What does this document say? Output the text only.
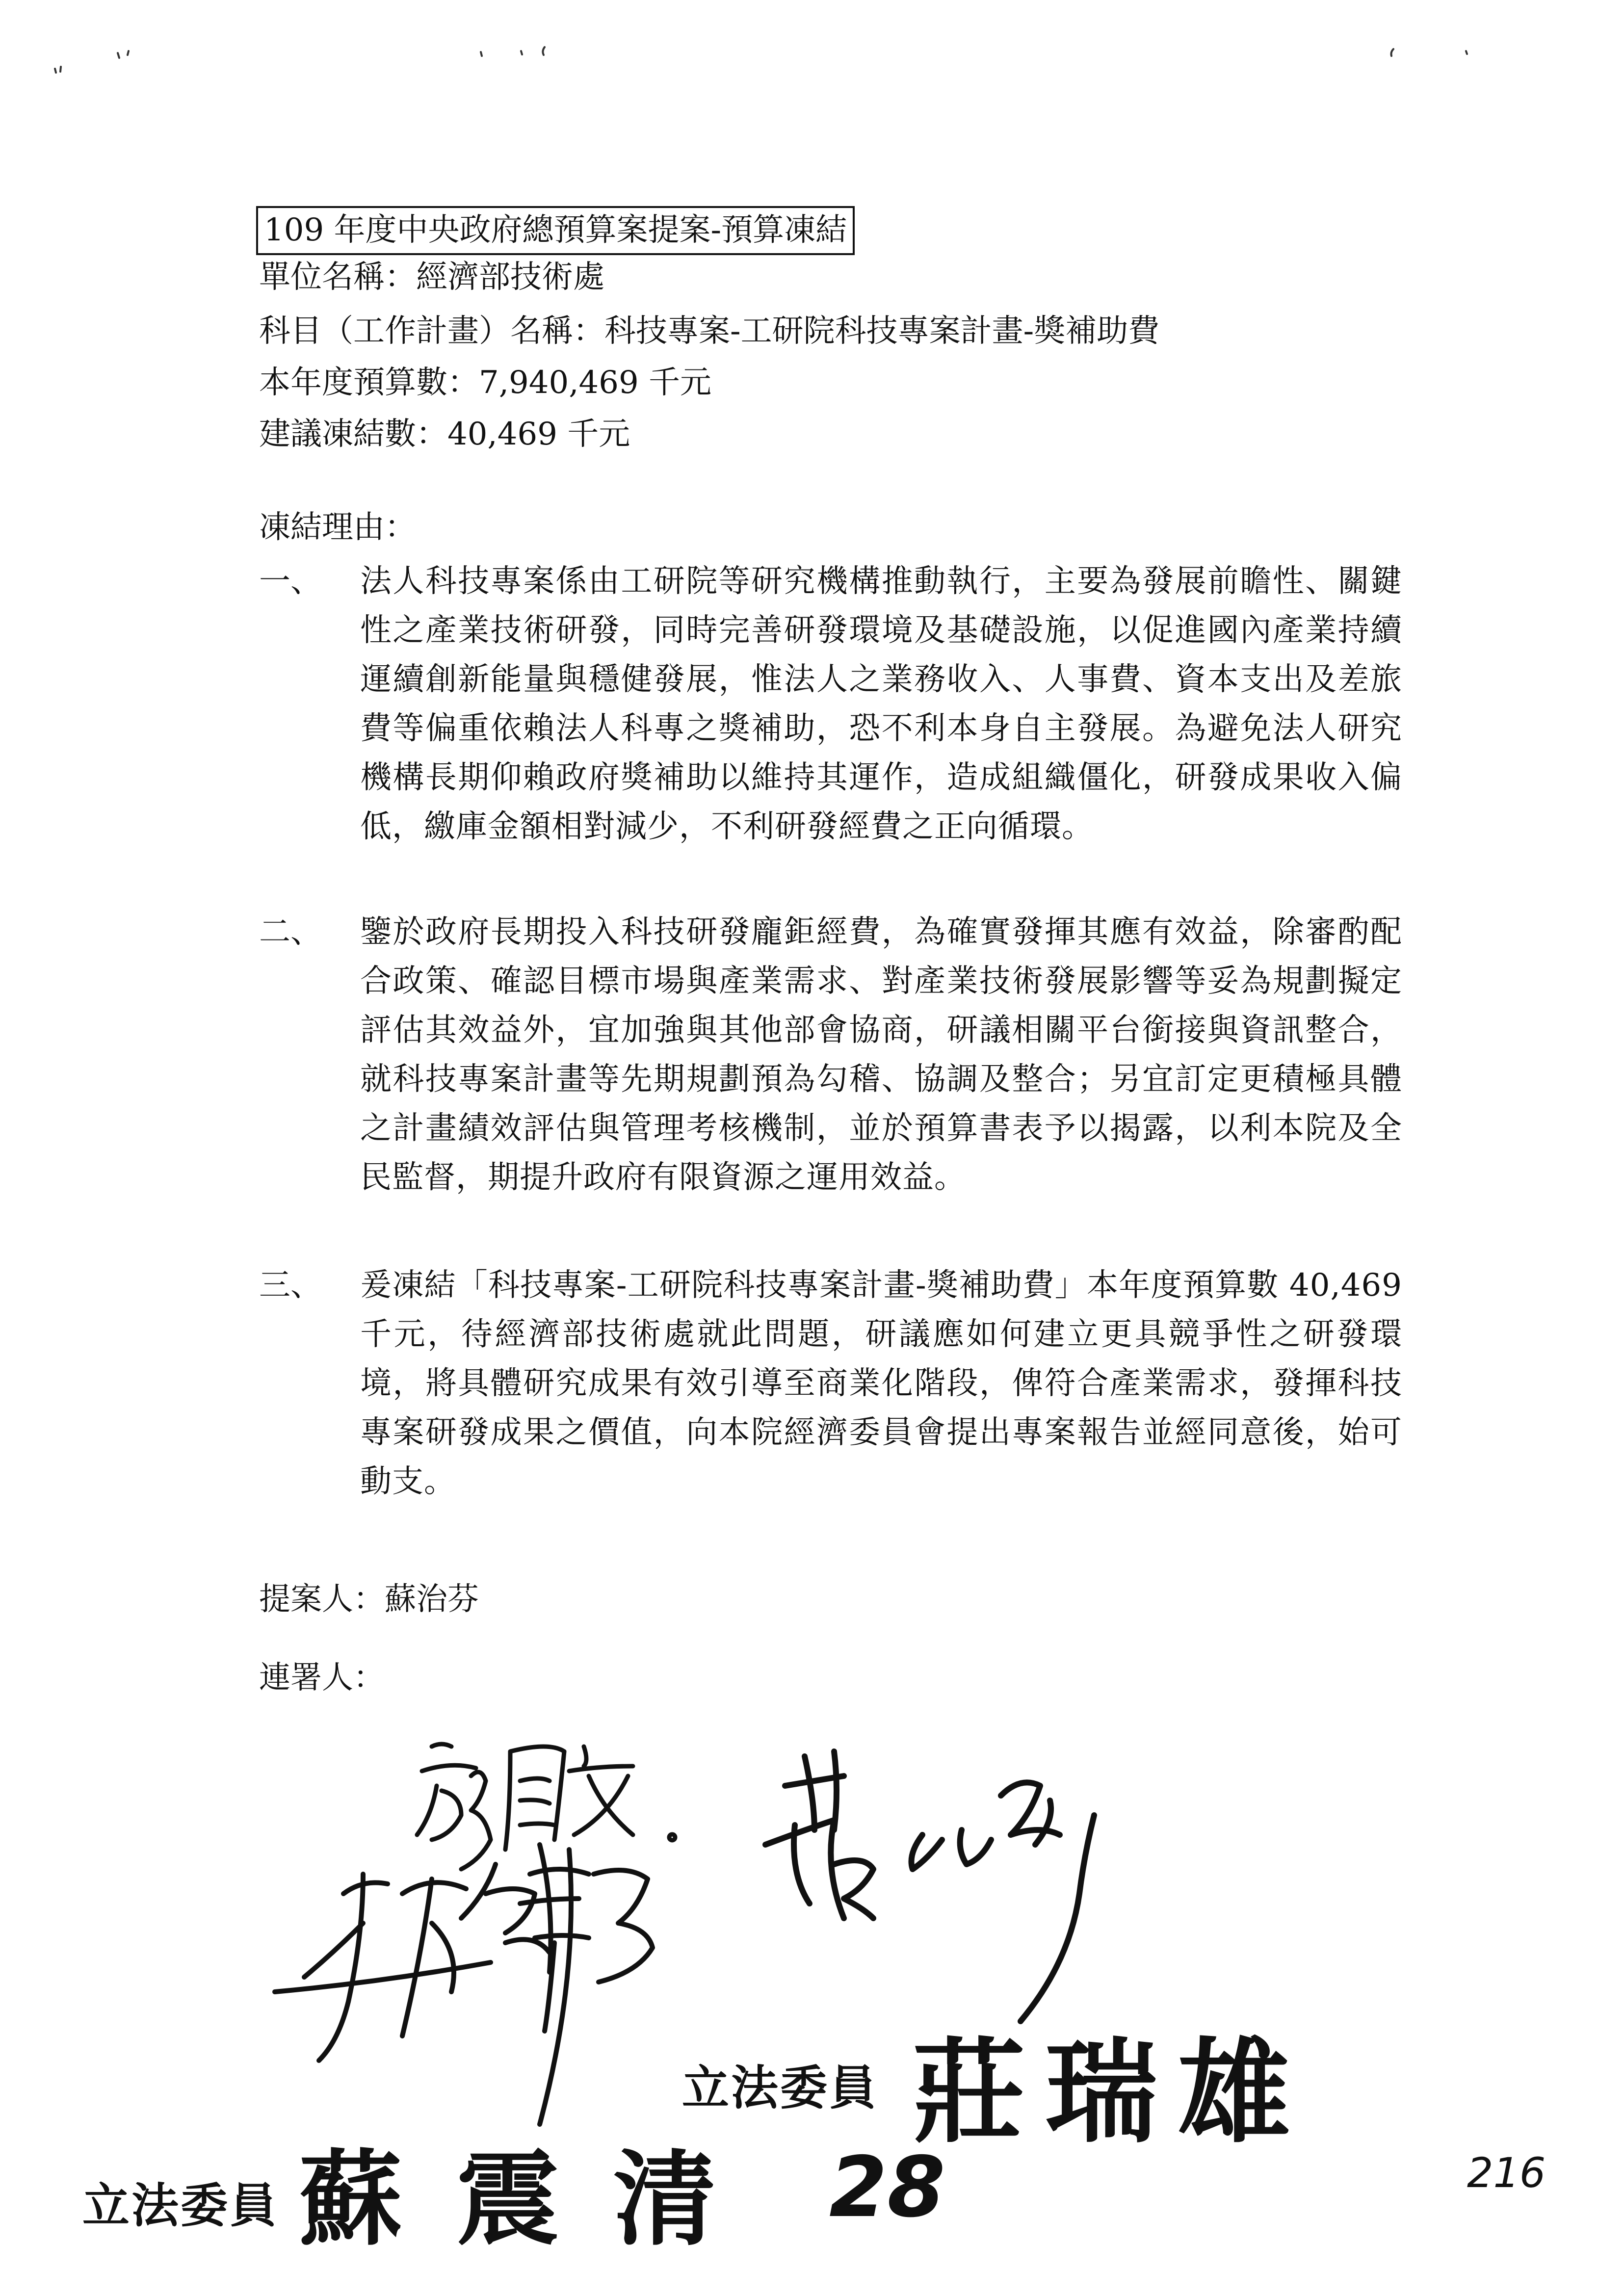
109 年度中央政府總預算案提案-預算凍結
單位名稱：經濟部技術處
科目（工作計畫）名稱：科技專案-工研院科技專案計畫-獎補助費
本年度預算數：7,940,469 千元
建議凍結數：40,469 千元
凍結理由：
一、	法人科技專案係由工研院等研究機構推動執行，主要為發展前瞻性、關鍵性之產業技術研發，同時完善研發環境及基礎設施，以促進國內產業持續運續創新能量與穩健發展，惟法人之業務收入、人事費、資本支出及差旅費等偏重依賴法人科專之獎補助，恐不利本身自主發展。為避免法人研究機構長期仰賴政府獎補助以維持其運作，造成組織僵化，研發成果收入偏低，繳庫金額相對減少，不利研發經費之正向循環。
二、	鑒於政府長期投入科技研發龐鉅經費，為確實發揮其應有效益，除審酌配合政策、確認目標市場與產業需求、對產業技術發展影響等妥為規劃擬定評估其效益外，宜加強與其他部會協商，研議相關平台銜接與資訊整合，就科技專案計畫等先期規劃預為勾稽、協調及整合；另宜訂定更積極具體之計畫績效評估與管理考核機制，並於預算書表予以揭露，以利本院及全民監督，期提升政府有限資源之運用效益。
三、	爰凍結「科技專案-工研院科技專案計畫-獎補助費」本年度預算數 40,469 千元，待經濟部技術處就此問題，研議應如何建立更具競爭性之研發環境，將具體研究成果有效引導至商業化階段，俾符合產業需求，發揮科技專案研發成果之價值，向本院經濟委員會提出專案報告並經同意後，始可動支。
提案人：蘇治芬
連署人：
立法委員 莊瑞雄
立法委員 蘇震清 28	216
